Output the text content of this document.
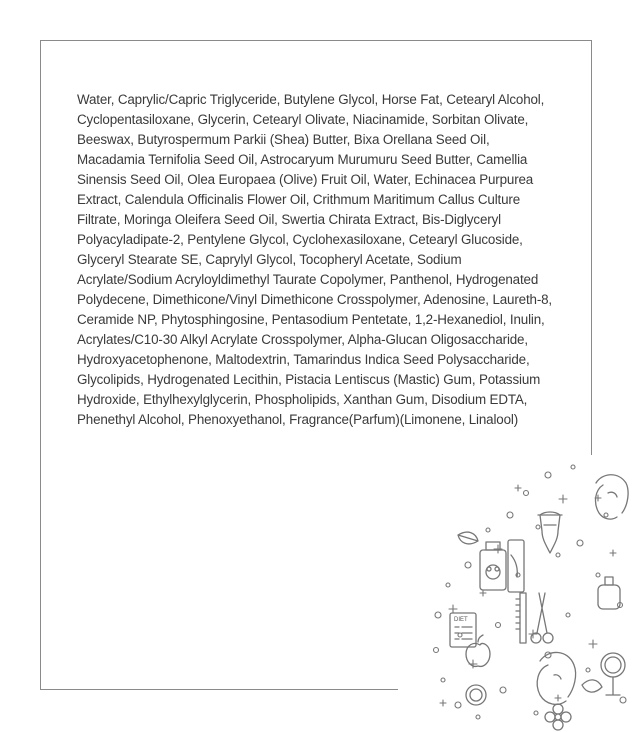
Water, Caprylic/Capric Triglyceride, Butylene Glycol, Horse Fat, Cetearyl Alcohol, Cyclopentasiloxane, Glycerin, Cetearyl Olivate, Niacinamide, Sorbitan Olivate, Beeswax, Butyrospermum Parkii (Shea) Butter, Bixa Orellana Seed Oil, Macadamia Ternifolia Seed Oil, Astrocaryum Murumuru Seed Butter, Camellia Sinensis Seed Oil, Olea Europaea (Olive) Fruit Oil, Water, Echinacea Purpurea Extract, Calendula Officinalis Flower Oil, Crithmum Maritimum Callus Culture Filtrate, Moringa Oleifera Seed Oil, Swertia Chirata Extract, Bis-Diglyceryl Polyacyladipate-2, Pentylene Glycol, Cyclohexasiloxane, Cetearyl Glucoside, Glyceryl Stearate SE, Caprylyl Glycol, Tocopheryl Acetate, Sodium Acrylate/Sodium Acryloyldimethyl Taurate Copolymer, Panthenol, Hydrogenated Polydecene, Dimethicone/Vinyl Dimethicone Crosspolymer, Adenosine, Laureth-8, Ceramide NP, Phytosphingosine, Pentasodium Pentetate, 1,2-Hexanediol, Inulin, Acrylates/C10-30 Alkyl Acrylate Crosspolymer, Alpha-Glucan Oligosaccharide, Hydroxyacetophenone, Maltodextrin, Tamarindus Indica Seed Polysaccharide, Glycolipids, Hydrogenated Lecithin, Pistacia Lentiscus (Mastic) Gum, Potassium Hydroxide, Ethylhexylglycerin, Phospholipids, Xanthan Gum, Disodium EDTA, Phenethyl Alcohol, Phenoxyethanol, Fragrance(Parfum)(Limonene, Linalool)

DIET
